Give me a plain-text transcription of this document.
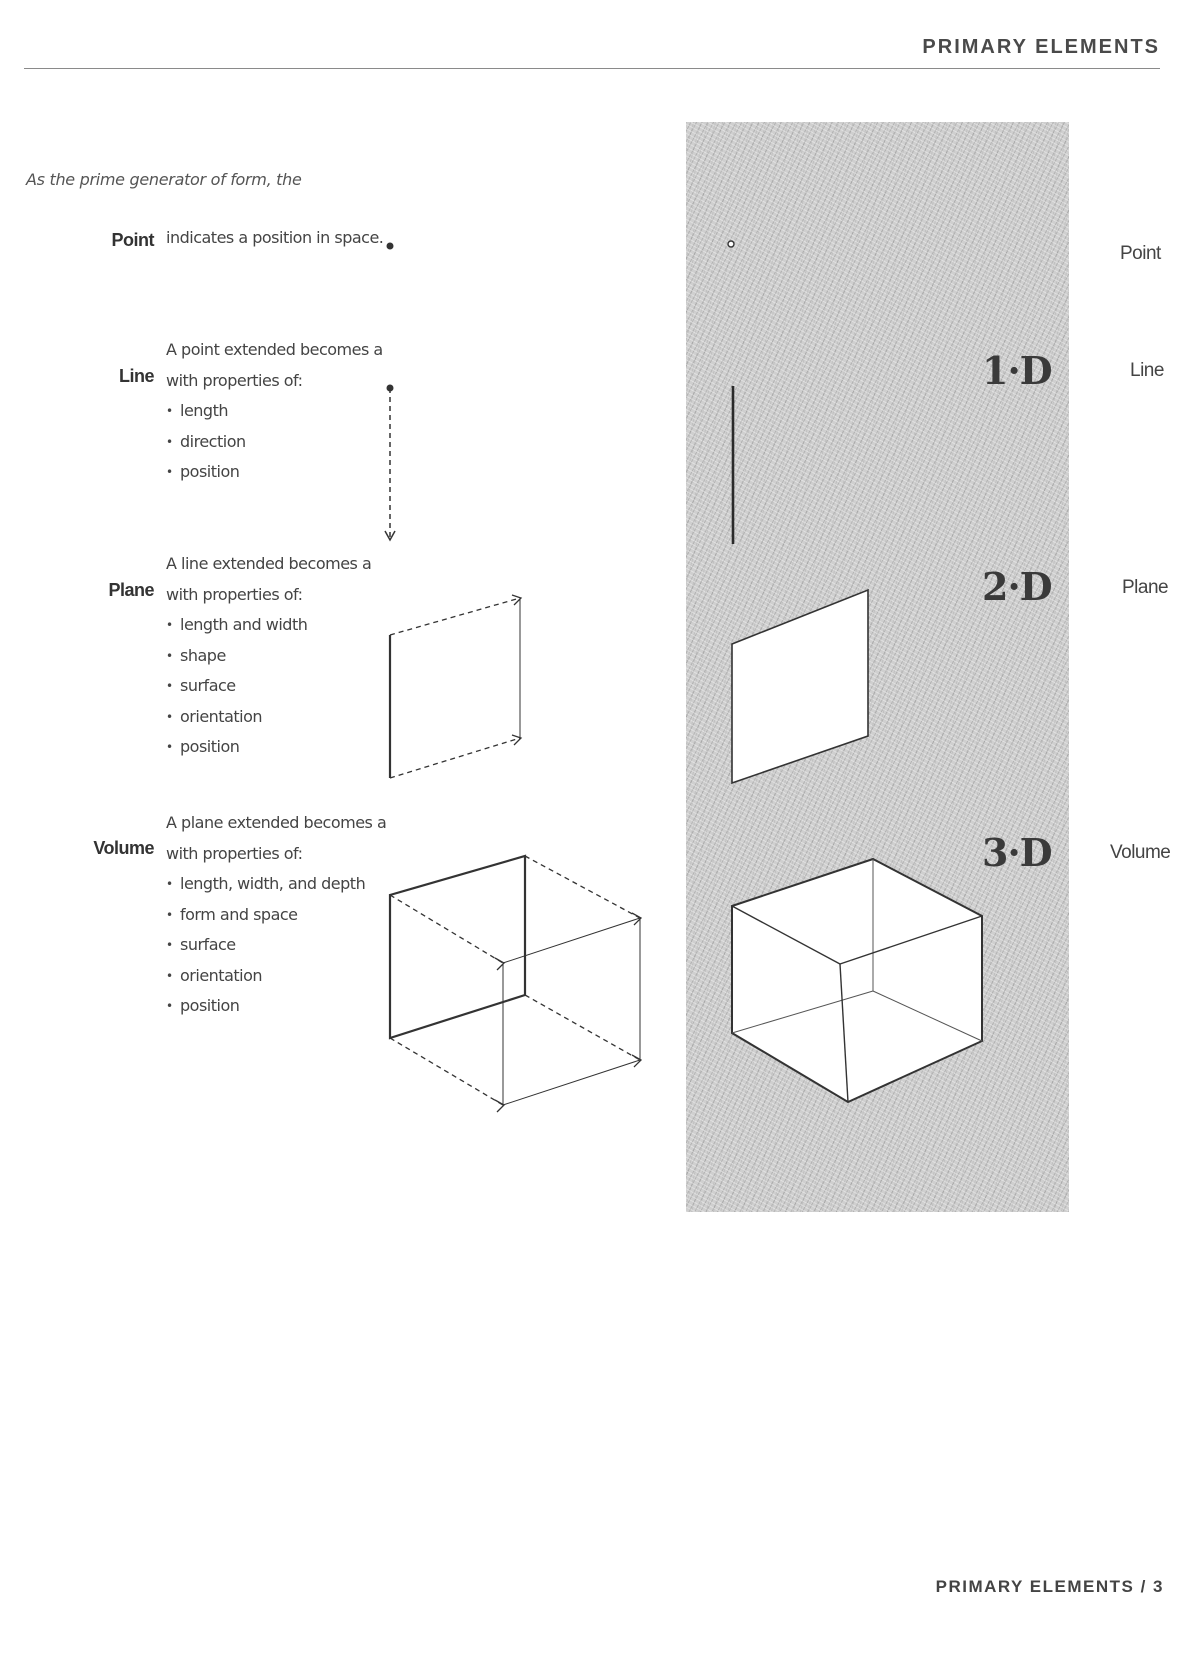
PRIMARY ELEMENTS
As the prime generator of form, the
Point indicates a position in space.
Line
A point extended becomes a
with properties of:
• length
• direction
• position
Plane
A line extended becomes a
with properties of:
• length and width
• shape
• surface
• orientation
• position
Volume
A plane extended becomes a
with properties of:
• length, width, and depth
• form and space
• surface
• orientation
• position
1·D
2·D
3·D
Point
Line
Plane
Volume
PRIMARY ELEMENTS / 3
